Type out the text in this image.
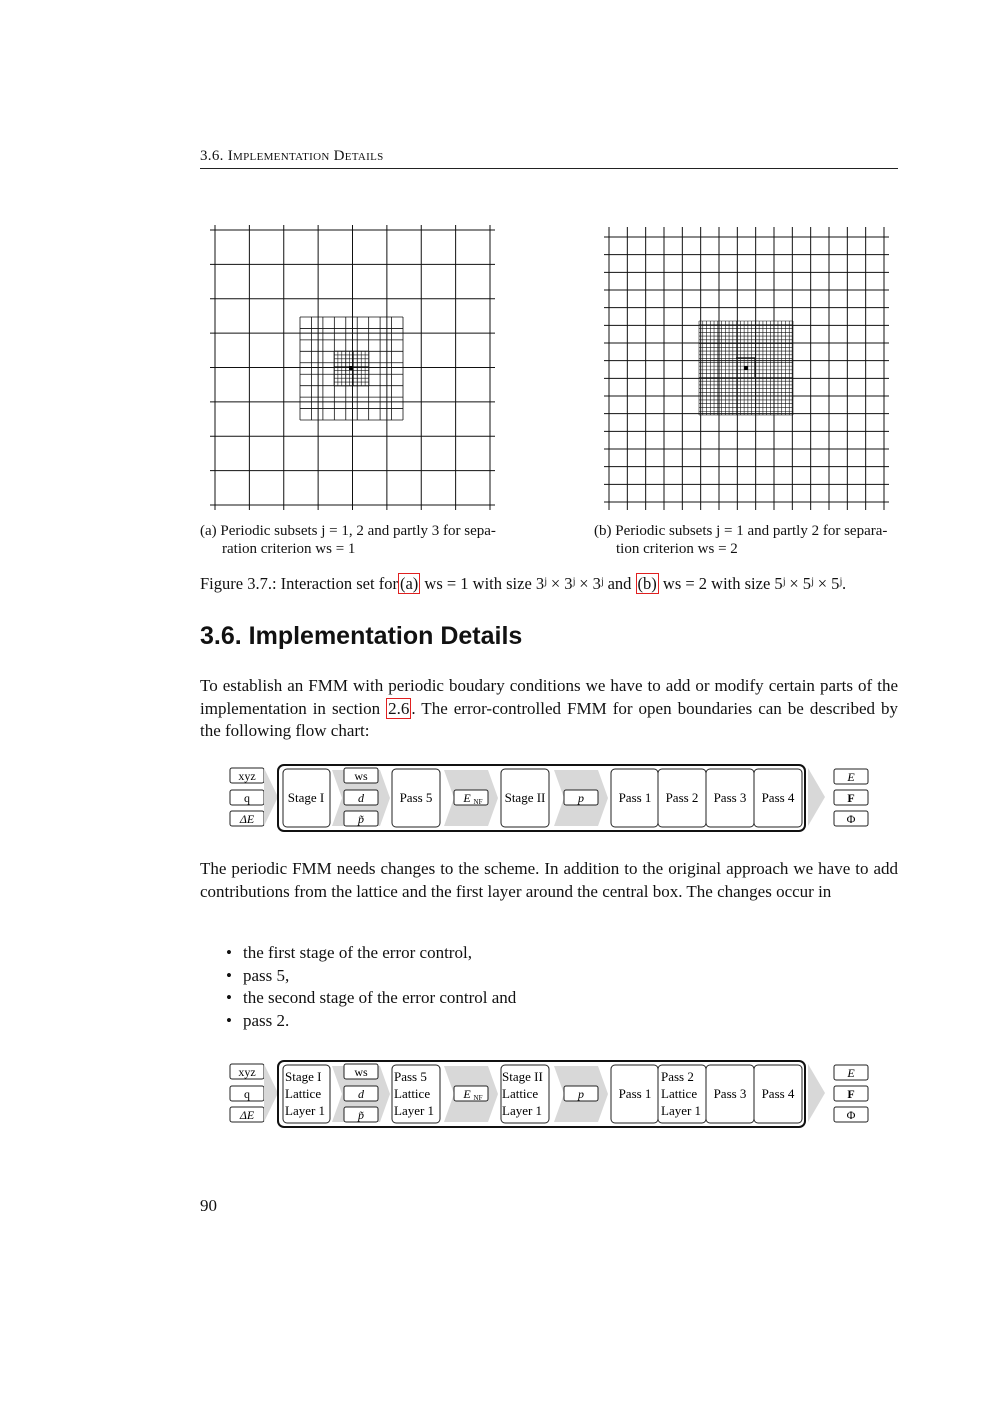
3.6. Implementation Details
(a) Periodic subsets j = 1, 2 and partly 3 for sepa-
ration criterion ws = 1
(b) Periodic subsets j = 1 and partly 2 for separa-
tion criterion ws = 2
Figure 3.7.: Interaction set for (a) ws = 1 with size 3ʲ × 3ʲ × 3ʲ and (b) ws = 2 with size 5ʲ × 5ʲ × 5ʲ.
3.6. Implementation Details
To establish an FMM with periodic boudary conditions we have to add or modify certain parts of the implementation in section 2.6 . The error-controlled FMM for open boundaries can be described by the following flow chart:
xyz
q
ΔE
Stage I
ws
d
p̃
Pass 5	E NF Stage II	p	Pass 1 Pass 2 Pass 3 Pass 4
E
F
Φ
The periodic FMM needs changes to the scheme. In addition to the original approach we have to add contributions from the lattice and the first layer around the central box. The changes occur in
• the first stage of the error control,
• pass 5,
• the second stage of the error control and
• pass 2.
xyz
q
ΔE
Stage I
Lattice
Layer 1
ws
d
p̃
Pass 5
Lattice
Layer 1
E NF
Stage II
Lattice
Layer 1
p	Pass 1
Pass 2
Lattice
Layer 1
Pass 3 Pass 4
E
F
Φ
90
